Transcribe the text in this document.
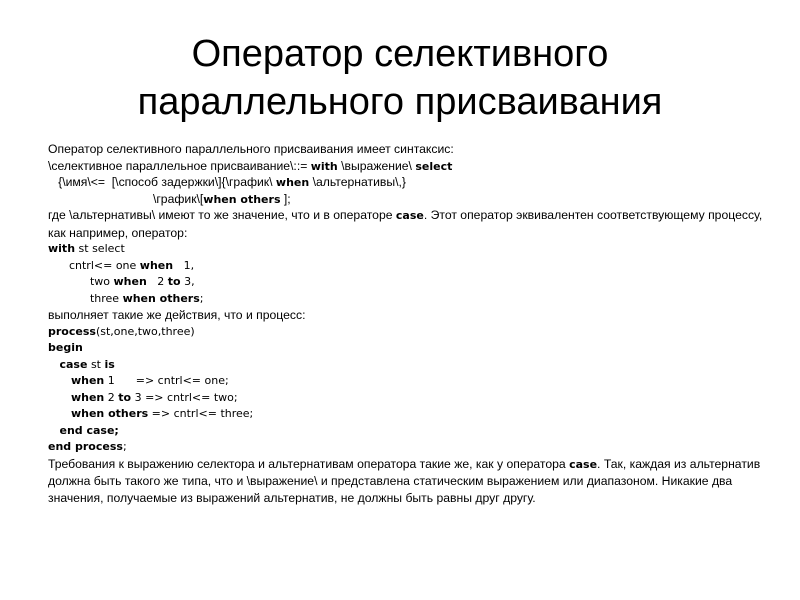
Оператор селективного
параллельного присваивания
Оператор селективного параллельного присваивания имеет синтаксис:
\селективное параллельное присваивание\::= with \выражение\ select
{\имя\<=  [\способ задержки\]{\график\ when \альтернативы\,}
\график\[when others ];
где \альтернативы\ имеют то же значение, что и в операторе case. Этот оператор эквивалентен соответствующему процессу, как например, оператор:
with st select
cntrl<= one when   1,
two when   2 to 3,
three when others;
выполняет такие же действия, что и процесс:
process(st,one,two,three)
begin
case st is
when 1      => cntrl<= one;
when 2 to 3 => cntrl<= two;
when others => cntrl<= three;
end case;
end process;
Требования к выражению селектора и альтернативам оператора такие же, как у оператора case. Так, каждая из альтернатив должна быть такого же типа, что и \выражение\ и представлена статическим выражением или диапазоном. Никакие два значения, получаемые из выражений альтернатив, не должны быть равны друг другу.
